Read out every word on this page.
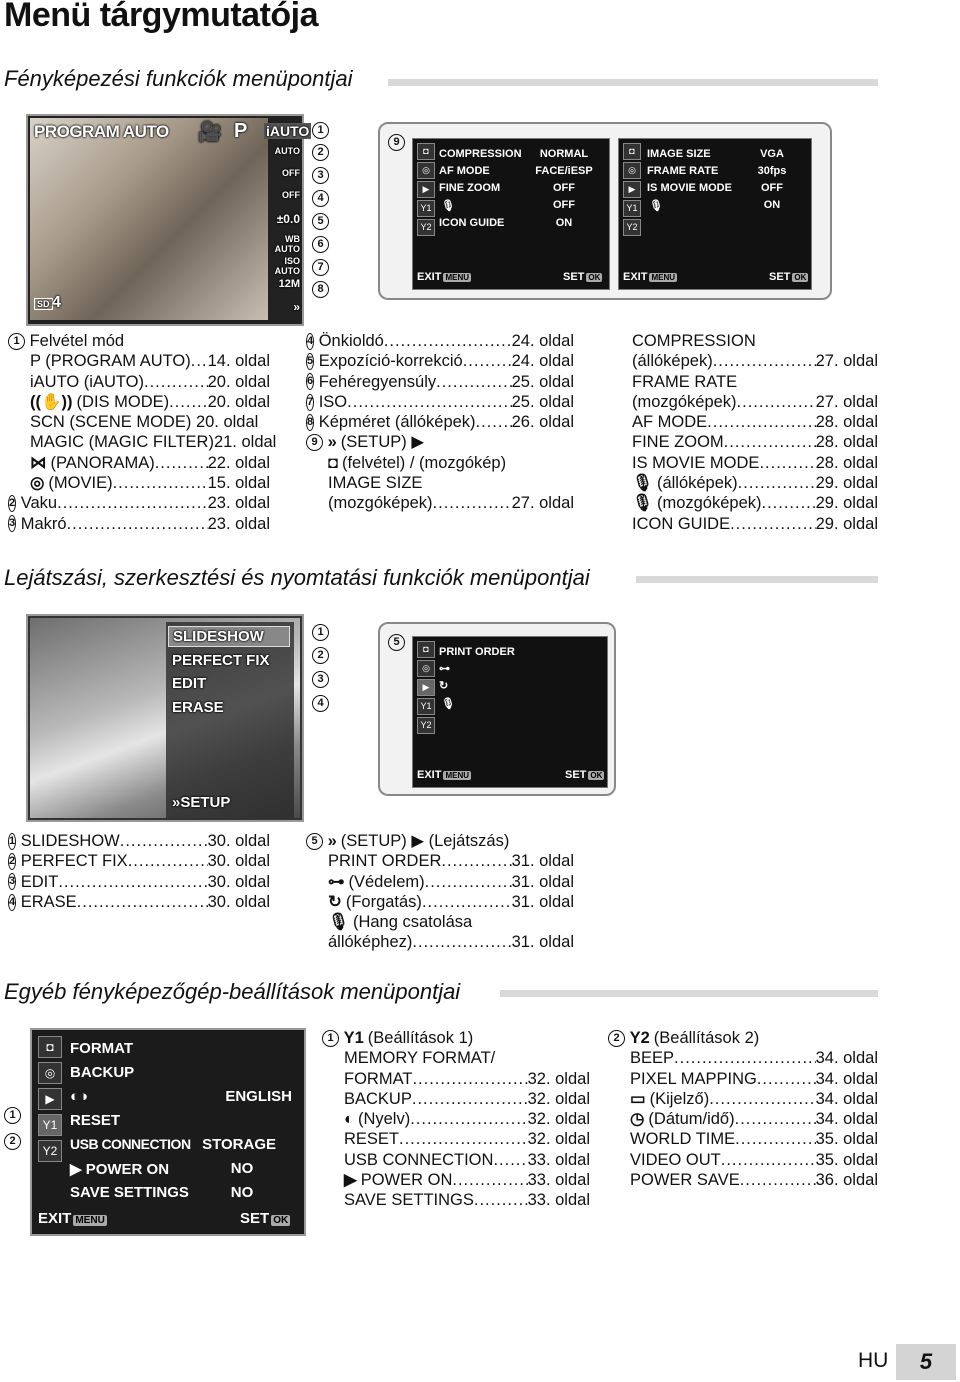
Menü tárgymutatója
Fényképezési funkciók menüpontjai
PROGRAM AUTO 🎥 P iAUTO
AUTO
OFF
OFF
±0.0
WB AUTO
ISO AUTO
12M
»
SD 4
1
2
3
4
5
6
7
8
9
◘
◎
▶
Y1
Y2
COMPRESSION	NORMAL
AF MODE	FACE/iESP
FINE ZOOM	OFF
🎙	OFF
ICON GUIDE	ON
EXIT MENU	SET OK
◘
◎
▶
Y1
Y2
IMAGE SIZE	VGA
FRAME RATE	30fps
IS MOVIE MODE	OFF
🎙	ON
EXIT MENU	SET OK
1
Felvétel mód
P (PROGRAM AUTO) ..... 14. oldal
iAUTO (iAUTO) .....	20. oldal
((✋)) (DIS MODE) ..... 20. oldal
SCN (SCENE MODE)
20. oldal
MAGIC (MAGIC FILTER) 21. oldal
⋈ (PANORAMA) .....	22. oldal
◎ (MOVIE) .....	15. oldal
2
Vaku .....	23. oldal
3
Makró .....	23. oldal
4
Önkioldó .....	24. oldal
5
Expozíció-korrekció .....	24. oldal
6
Fehéregyensúly .....	25. oldal
7
ISO .....	25. oldal
8
Képméret (állóképek) ..... 26. oldal
9
» (SETUP) ▶
◘ (felvétel) / (mozgókép)
IMAGE SIZE
(mozgóképek) .....	27. oldal
COMPRESSION
(állóképek) .....	27. oldal
FRAME RATE
(mozgóképek) .....	27. oldal
AF MODE .....	28. oldal
FINE ZOOM .....	28. oldal
IS MOVIE MODE .....	28. oldal
🎙 (állóképek) .....	29. oldal
🎙 (mozgóképek) .....	29. oldal
ICON GUIDE .....	29. oldal
Lejátszási, szerkesztési és nyomtatási funkciók menüpontjai
SLIDESHOW
PERFECT FIX
EDIT
ERASE
»SETUP
1
2
3
4
5
◘
◎
▶
Y1
Y2
PRINT ORDER
⊶
↻
🎙
EXIT MENU	SET OK
1
SLIDESHOW .....	30. oldal
2
PERFECT FIX .....	30. oldal
3
EDIT .....	30. oldal
4
ERASE .....	30. oldal
5
» (SETUP) ▶ (Lejátszás)
PRINT ORDER .....	31. oldal
⊶ (Védelem) .....	31. oldal
↻ (Forgatás) .....	31. oldal
🎙 (Hang csatolása
állóképhez) .....	31. oldal
Egyéb fényképezőgép-beállítások menüpontjai
◘
◎
▶
Y1
Y2
FORMAT
BACKUP
◐◑	ENGLISH
RESET
USB CONNECTION STORAGE
▶ POWER ON	NO
SAVE SETTINGS	NO
EXIT MENU	SET OK
1
2
1
Y1 (Beállítások 1)
MEMORY FORMAT/
FORMAT .....	32. oldal
BACKUP .....	32. oldal
◐ (Nyelv) .....	32. oldal
RESET .....	32. oldal
USB CONNECTION ..... 33. oldal
▶ POWER ON .....	33. oldal
SAVE SETTINGS .....	33. oldal
2
Y2 (Beállítások 2)
BEEP .....	34. oldal
PIXEL MAPPING .....	34. oldal
▭ (Kijelző) .....	34. oldal
◷ (Dátum/idő) .....	34. oldal
WORLD TIME .....	35. oldal
VIDEO OUT .....	35. oldal
POWER SAVE .....	36. oldal
HU	5
